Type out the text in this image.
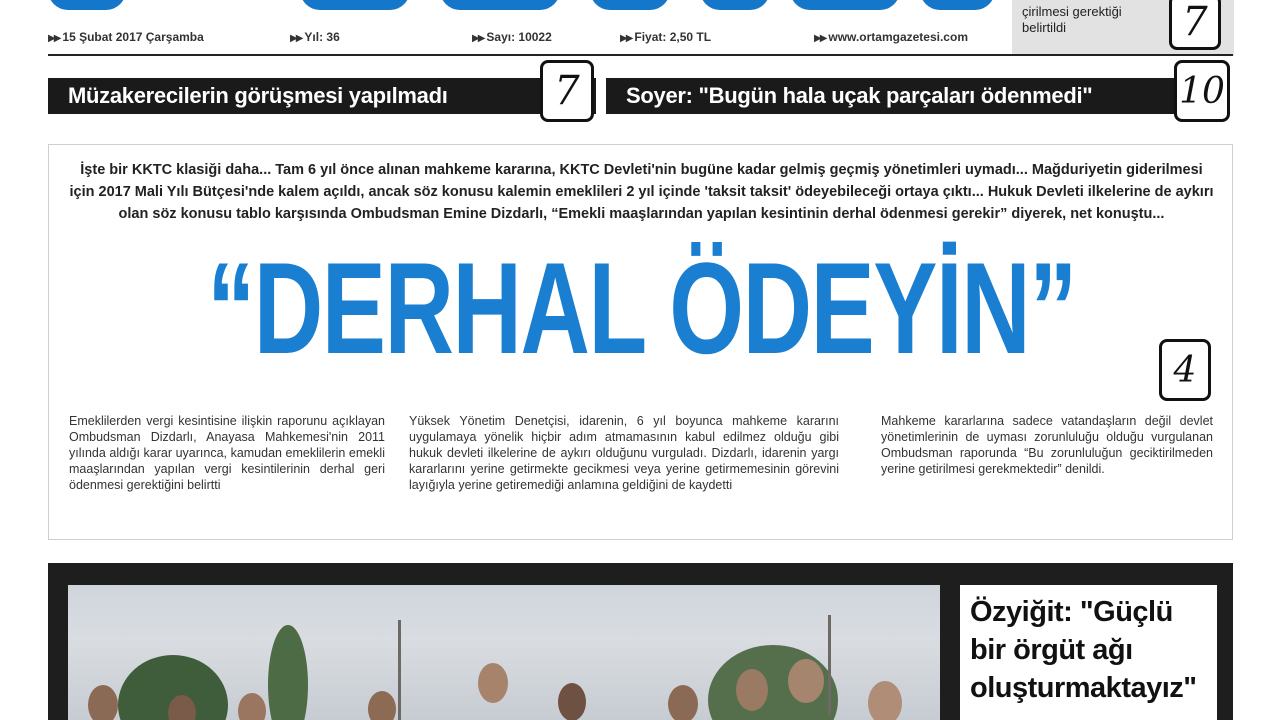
çirilmesi gerektiği
belirtildi	7
▶▶ 15 Şubat 2017 Çarşamba	▶▶ Yıl: 36	▶▶ Sayı: 10022	▶▶ Fiyat: 2,50 TL	▶▶ www.ortamgazetesi.com
Müzakerecilerin görüşmesi yapılmadı	7	Soyer: "Bugün hala uçak parçaları ödenmedi" 10
İşte bir KKTC klasiği daha... Tam 6 yıl önce alınan mahkeme kararına, KKTC Devleti'nin bugüne kadar gelmiş geçmiş yönetimleri uymadı... Mağduriyetin giderilmesi için 2017 Mali Yılı Bütçesi'nde kalem açıldı, ancak söz konusu kalemin emeklileri 2 yıl içinde 'taksit taksit' ödeyebileceği ortaya çıktı... Hukuk Devleti ilkelerine de aykırı olan söz konusu tablo karşısında Ombudsman Emine Dizdarlı, “Emekli maaşlarından yapılan kesintinin derhal ödenmesi gerekir” diyerek, net konuştu...
“DERHAL ÖDEYİN”	4
Emeklilerden vergi kesintisine ilişkin raporunu açıklayan Ombudsman Dizdarlı, Anayasa Mahkemesi'nin 2011 yılında aldığı karar uyarınca, kamudan emeklilerin emekli maaşlarından yapılan vergi kesintilerinin derhal geri ödenmesi gerektiğini belirtti
Yüksek Yönetim Denetçisi, idarenin, 6 yıl boyunca mahkeme kararını uygulamaya yönelik hiçbir adım atmamasının kabul edilmez olduğu gibi hukuk devleti ilkelerine de aykırı olduğunu vurguladı. Dizdarlı, idarenin yargı kararlarını yerine getirmekte gecikmesi veya yerine getirmemesinin görevini layığıyla yerine getiremediği anlamına geldiğini de kaydetti
Mahkeme kararlarına sadece vatandaşların değil devlet yönetimlerinin de uyması zorunluluğu olduğu vurgulanan Ombudsman raporunda “Bu zorunluluğun geciktirilmeden yerine getirilmesi gerekmektedir” denildi.
Özyiğit: "Güçlü bir örgüt ağı oluşturmaktayız"
